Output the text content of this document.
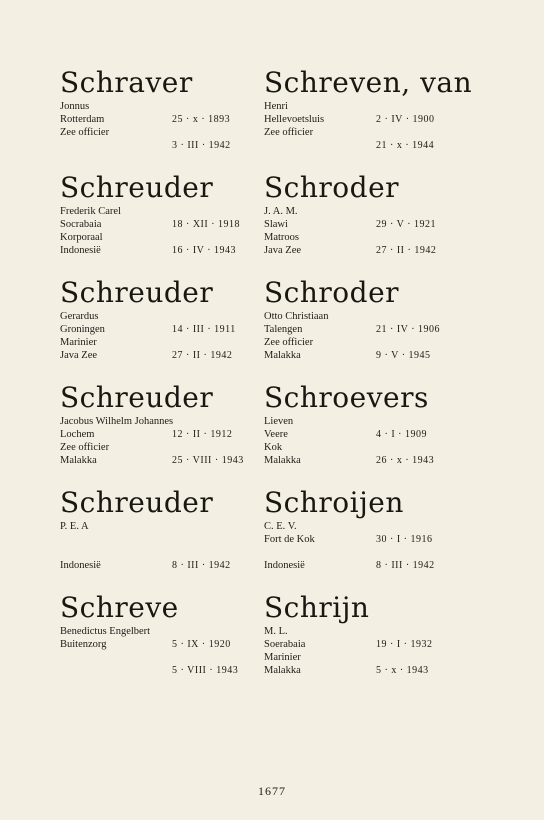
Schraver
Jonnus
Rotterdam	25 · x · 1893
Zee officier
3 · III · 1942
Schreuder
Frederik Carel
Socrabaia	18 · XII · 1918
Korporaal
Indonesië	16 · IV · 1943
Schreuder
Gerardus
Groningen	14 · III · 1911
Marinier
Java Zee	27 · II · 1942
Schreuder
Jacobus Wilhelm Johannes
Lochem	12 · II · 1912
Zee officier
Malakka	25 · VIII · 1943
Schreuder
P. E. A
Indonesië	8 · III · 1942
Schreve
Benedictus Engelbert
Buitenzorg	5 · IX · 1920
5 · VIII · 1943
Schreven, van
Henri
Hellevoetsluis	2 · IV · 1900
Zee officier
21 · x · 1944
Schroder
J. A. M.
Slawi	29 · V · 1921
Matroos
Java Zee	27 · II · 1942
Schroder
Otto Christiaan
Talengen	21 · IV · 1906
Zee officier
Malakka	9 · V · 1945
Schroevers
Lieven
Veere	4 · I · 1909
Kok
Malakka	26 · x · 1943
Schroijen
C. E. V.
Fort de Kok	30 · I · 1916
Indonesië	8 · III · 1942
Schrijn
M. L.
Soerabaia	19 · I · 1932
Marinier
Malakka	5 · x · 1943
1677
